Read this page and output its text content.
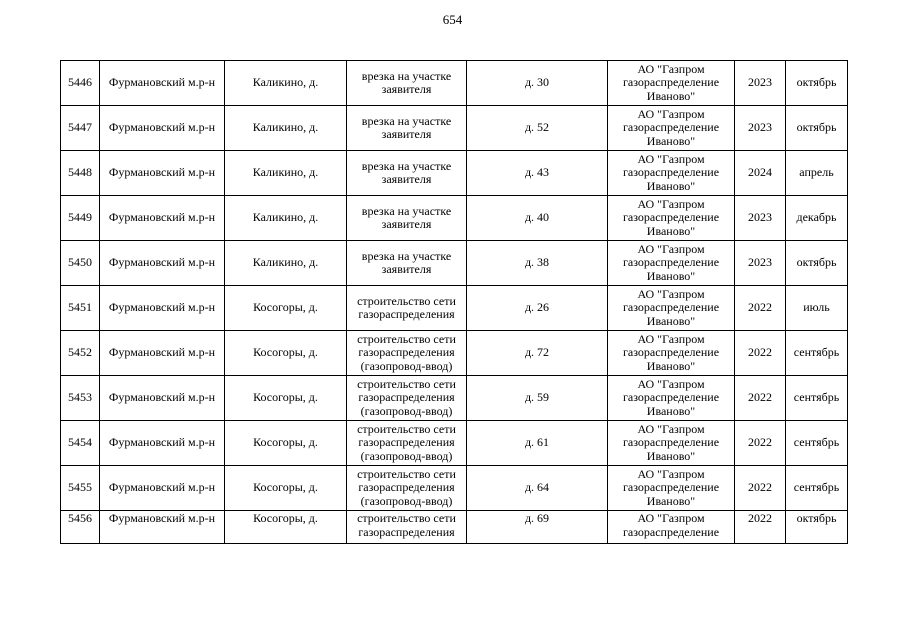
654
5446	Фурмановский м.р-н	Каликино, д.	врезка на участке заявителя	д. 30	АО "Газпром газораспределение Иваново"	2023	октябрь
5447	Фурмановский м.р-н	Каликино, д.	врезка на участке заявителя	д. 52	АО "Газпром газораспределение Иваново"	2023	октябрь
5448	Фурмановский м.р-н	Каликино, д.	врезка на участке заявителя	д. 43	АО "Газпром газораспределение Иваново"	2024	апрель
5449	Фурмановский м.р-н	Каликино, д.	врезка на участке заявителя	д. 40	АО "Газпром газораспределение Иваново"	2023	декабрь
5450	Фурмановский м.р-н	Каликино, д.	врезка на участке заявителя	д. 38	АО "Газпром газораспределение Иваново"	2023	октябрь
5451	Фурмановский м.р-н	Косогоры, д.	строительство сети газораспределения	д. 26	АО "Газпром газораспределение Иваново"	2022	июль
5452	Фурмановский м.р-н	Косогоры, д.	строительство сети газораспределения (газопровод-ввод)	д. 72	АО "Газпром газораспределение Иваново"	2022	сентябрь
5453	Фурмановский м.р-н	Косогоры, д.	строительство сети газораспределения (газопровод-ввод)	д. 59	АО "Газпром газораспределение Иваново"	2022	сентябрь
5454	Фурмановский м.р-н	Косогоры, д.	строительство сети газораспределения (газопровод-ввод)	д. 61	АО "Газпром газораспределение Иваново"	2022	сентябрь
5455	Фурмановский м.р-н	Косогоры, д.	строительство сети газораспределения (газопровод-ввод)	д. 64	АО "Газпром газораспределение Иваново"	2022	сентябрь
5456	Фурмановский м.р-н	Косогоры, д.	строительство сети газораспределения	д. 69	АО "Газпром газораспределение	2022	октябрь
